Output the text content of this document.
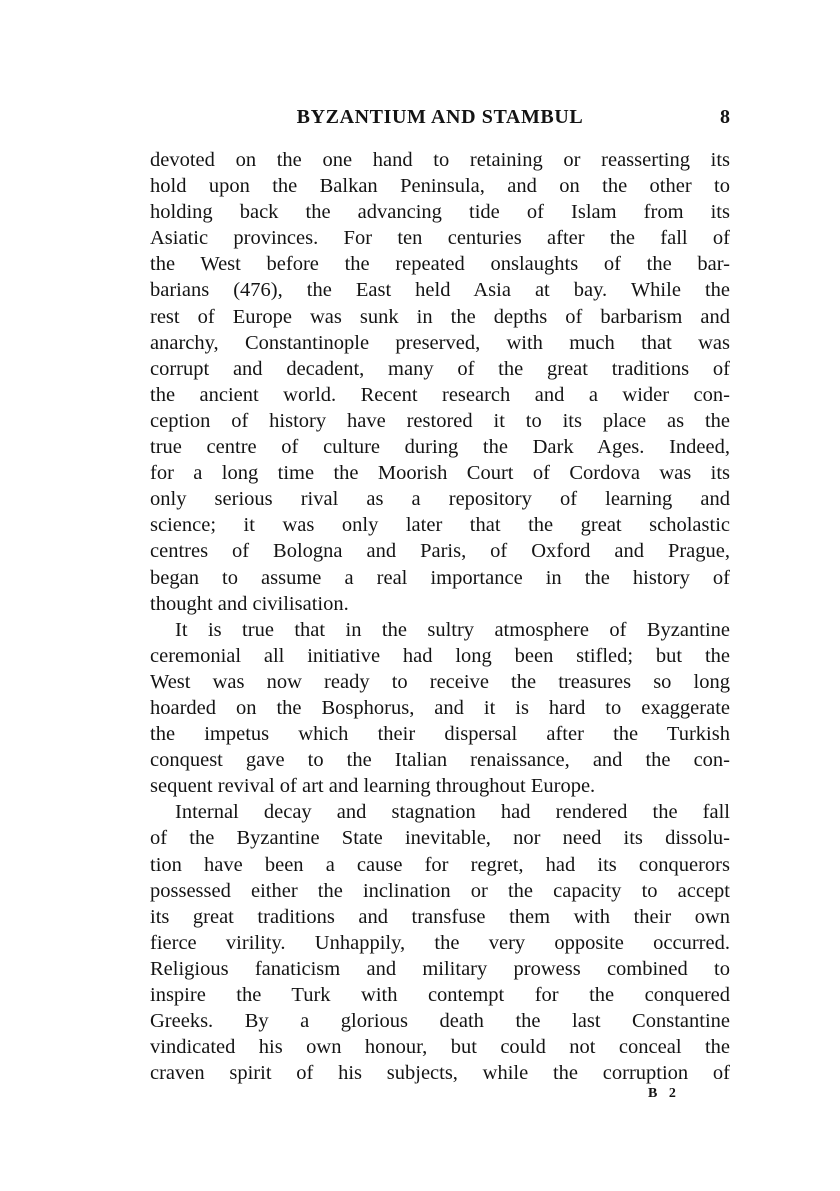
BYZANTIUM AND STAMBUL	8
devoted on the one hand to retaining or reasserting its
hold upon the Balkan Peninsula, and on the other to
holding back the advancing tide of Islam from its
Asiatic provinces. For ten centuries after the fall of
the West before the repeated onslaughts of the bar-
barians (476), the East held Asia at bay. While the
rest of Europe was sunk in the depths of barbarism and
anarchy, Constantinople preserved, with much that was
corrupt and decadent, many of the great traditions of
the ancient world. Recent research and a wider con-
ception of history have restored it to its place as the
true centre of culture during the Dark Ages. Indeed,
for a long time the Moorish Court of Cordova was its
only serious rival as a repository of learning and
science; it was only later that the great scholastic
centres of Bologna and Paris, of Oxford and Prague,
began to assume a real importance in the history of
thought and civilisation.
It is true that in the sultry atmosphere of Byzantine
ceremonial all initiative had long been stifled; but the
West was now ready to receive the treasures so long
hoarded on the Bosphorus, and it is hard to exaggerate
the impetus which their dispersal after the Turkish
conquest gave to the Italian renaissance, and the con-
sequent revival of art and learning throughout Europe.
Internal decay and stagnation had rendered the fall
of the Byzantine State inevitable, nor need its dissolu-
tion have been a cause for regret, had its conquerors
possessed either the inclination or the capacity to accept
its great traditions and transfuse them with their own
fierce virility. Unhappily, the very opposite occurred.
Religious fanaticism and military prowess combined to
inspire the Turk with contempt for the conquered
Greeks. By a glorious death the last Constantine
vindicated his own honour, but could not conceal the
craven spirit of his subjects, while the corruption of
B 2
